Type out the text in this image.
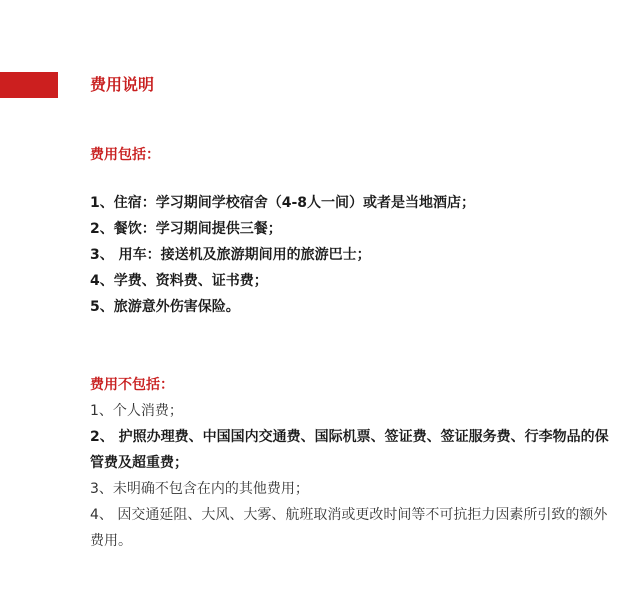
费用说明
费用包括：
1、住宿：学习期间学校宿舍（4-8人一间）或者是当地酒店；
2、餐饮：学习期间提供三餐；
3、 用车：接送机及旅游期间用的旅游巴士；
4、学费、资料费、证书费；
5、旅游意外伤害保险。
费用不包括：
1、个人消费；
2、 护照办理费、中国国内交通费、国际机票、签证费、签证服务费、行李物品的保管费及超重费；
3、未明确不包含在内的其他费用；
4、 因交通延阻、大风、大雾、航班取消或更改时间等不可抗拒力因素所引致的额外费用。
